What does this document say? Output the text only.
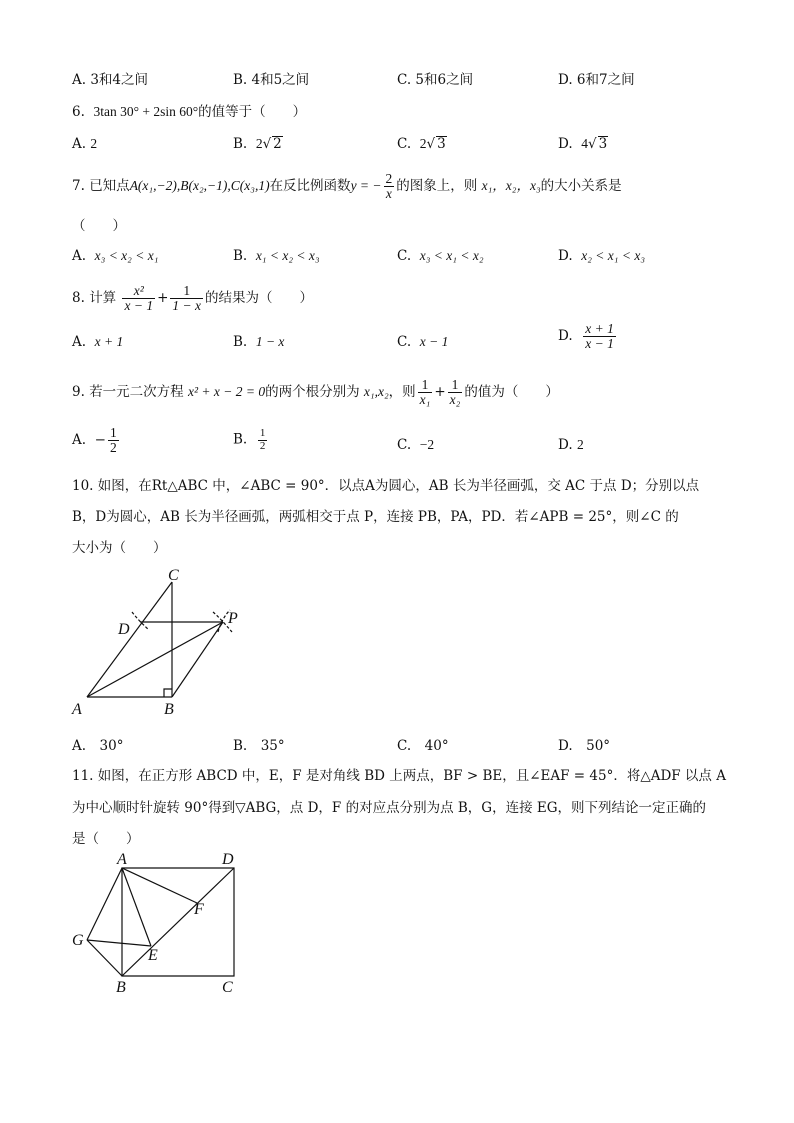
A. 3和4之间	B. 4和5之间	C. 5和6之间	D. 6和7之间
6. 3tan 30° + 2sin 60°的值等于（　　）
A. 2	B. 2√ 2	C. 2√ 3	D. 4√ 3
7. 已知点A(x₁,−2),B(x₂,−1),C(x₃,1)在反比例函数y = − $\frac{2}{x}$ 的图象上，则 x₁，x₂，x₃的大小关系是
（　　）
A. x₃ < x₂ < x₁	B. x₁ < x₂ < x₃	C. x₃ < x₁ < x₂	D. x₂ < x₁ < x₃
8. 计算 $\frac{\text{x²}}{x - 1} + \frac{1}{1 - x}$ 的结果为（　　）
A. x + 1	B. 1 − x	C. x − 1	D. $\frac{x + 1}{x - 1}$
9. 若一元二次方程 x² + x − 2 = 0的两个根分别为 x₁,x₂，则 $\frac{1}{\text{x₁}} + \frac{1}{\text{x₂}}$ 的值为（　　）
A. − $\frac{1}{2}$	B. $\frac{1}{2}$	C. −2	D. 2
10. 如图，在Rt△ABC 中，∠ABC = 90°．以点A为圆心，AB 长为半径画弧，交 AC 于点 D；分别以点
B，D为圆心，AB 长为半径画弧，两弧相交于点 P，连接 PB，PA，PD．若∠APB = 25°，则∠C 的
大小为（　　）
C
D
P
A	B
A.　30°	B.　35°	C.　40°	D.　50°
11. 如图，在正方形 ABCD 中，E，F 是对角线 BD 上两点，BF > BE，且∠EAF = 45°．将△ADF 以点 A
为中心顺时针旋转 90°得到▽ABG，点 D，F 的对应点分别为点 B，G，连接 EG，则下列结论一定正确的
是（　　）
A	D
F
G
E
B	C
